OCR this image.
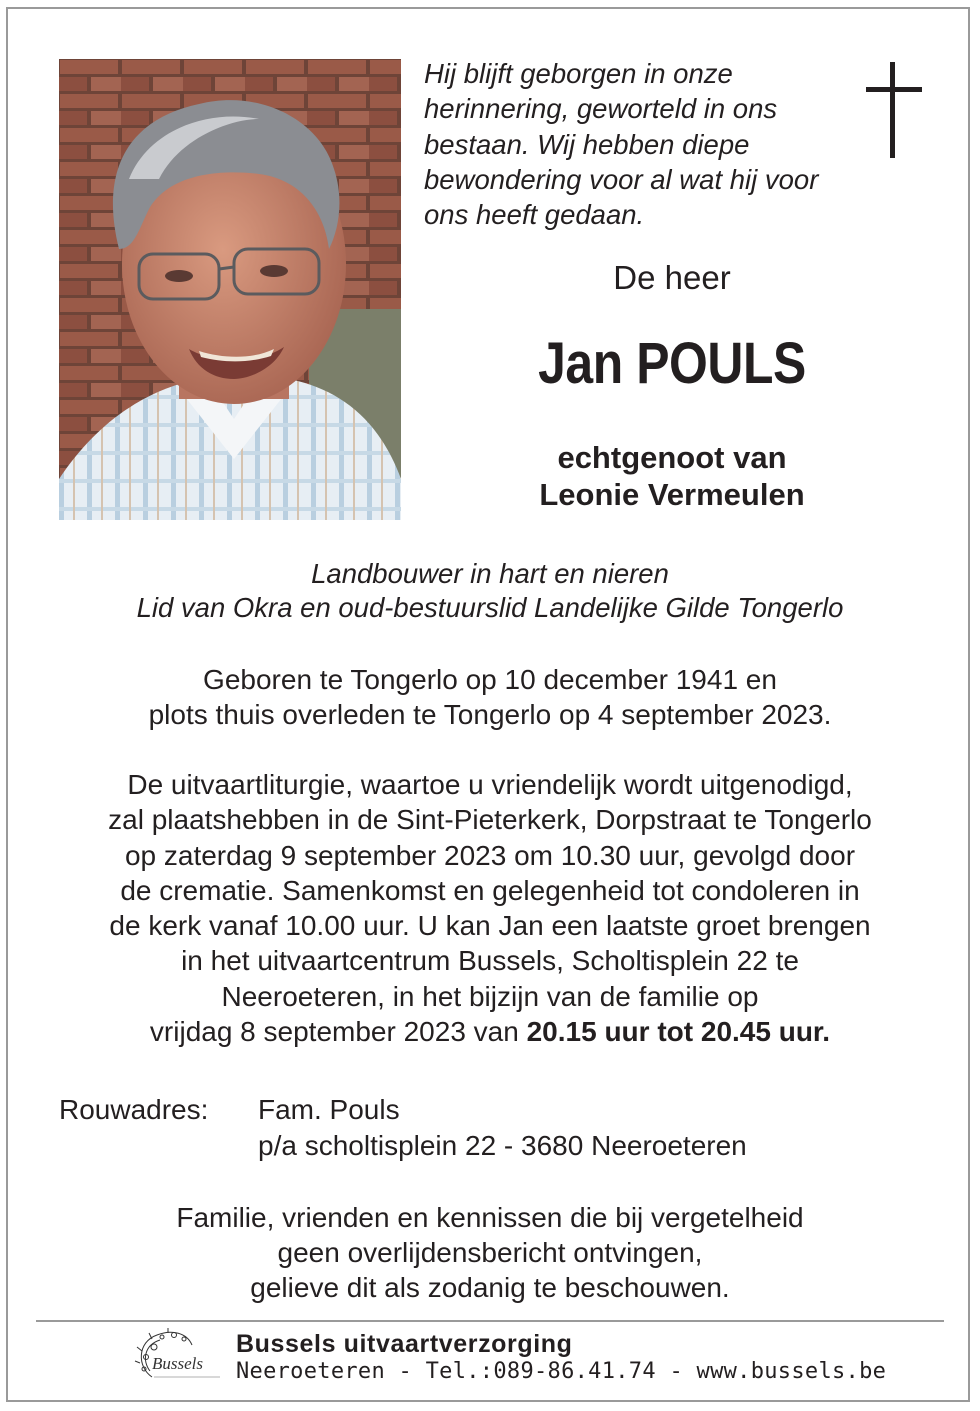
Hij blijft geborgen in onze
herinnering, geworteld in ons
bestaan. Wij hebben diepe
bewondering voor al wat hij voor
ons heeft gedaan.
De heer
Jan POULS
echtgenoot van
Leonie Vermeulen
Landbouwer in hart en nieren
Lid van Okra en oud-bestuurslid Landelijke Gilde Tongerlo
Geboren te Tongerlo op 10 december 1941 en
plots thuis overleden te Tongerlo op 4 september 2023.
De uitvaartliturgie, waartoe u vriendelijk wordt uitgenodigd,
zal plaatshebben in de Sint-Pieterkerk, Dorpstraat te Tongerlo
op zaterdag 9 september 2023 om 10.30 uur, gevolgd door
de crematie. Samenkomst en gelegenheid tot condoleren in
de kerk vanaf 10.00 uur. U kan Jan een laatste groet brengen
in het uitvaartcentrum Bussels, Scholtisplein 22 te
Neeroeteren, in het bijzijn van de familie op
vrijdag 8 september 2023 van 20.15 uur tot 20.45 uur.
Rouwadres: Fam. Pouls
p/a scholtisplein 22 - 3680 Neeroeteren
Familie, vrienden en kennissen die bij vergetelheid
geen overlijdensbericht ontvingen,
gelieve dit als zodanig te beschouwen.
Bussels
Bussels uitvaartverzorging
Neeroeteren - Tel.:089-86.41.74 - www.bussels.be
